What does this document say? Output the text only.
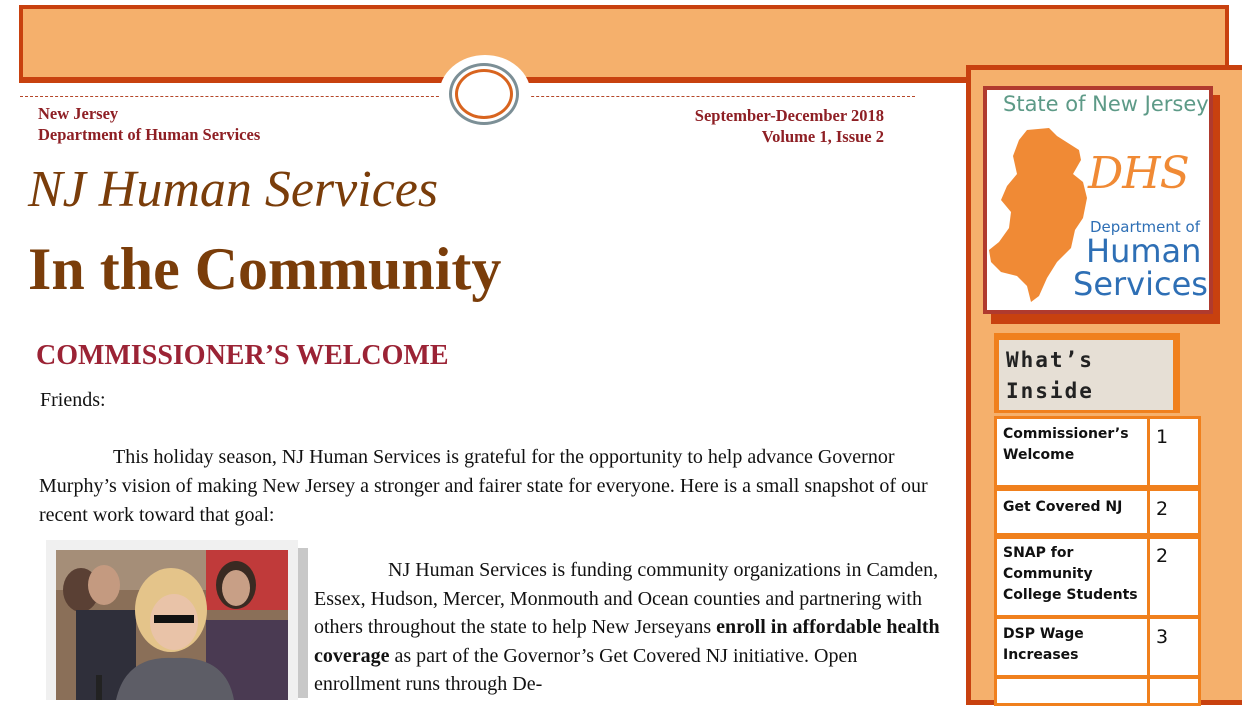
New Jersey
Department of Human Services
September-December 2018
Volume 1, Issue 2
NJ Human Services
In the Community
COMMISSIONER’S WELCOME
Friends:
This holiday season, NJ Human Services is grateful for the opportunity to help advance Governor Murphy’s vision of making New Jersey a stronger and fairer state for everyone. Here is a small snapshot of our recent work toward that goal:
NJ Human Services is funding community organizations in Camden, Essex, Hudson, Mercer, Monmouth and Ocean counties and partnering with others throughout the state to help New Jerseyans enroll in affordable health coverage as part of the Governor’s Get Covered NJ initiative. Open enrollment runs through De-
State of New Jersey
DHS
Department of
Human
Services
What’s Inside
Commissioner’s Welcome
1
Get Covered NJ	2
SNAP for Community College Students
2
DSP Wage Increases
3
